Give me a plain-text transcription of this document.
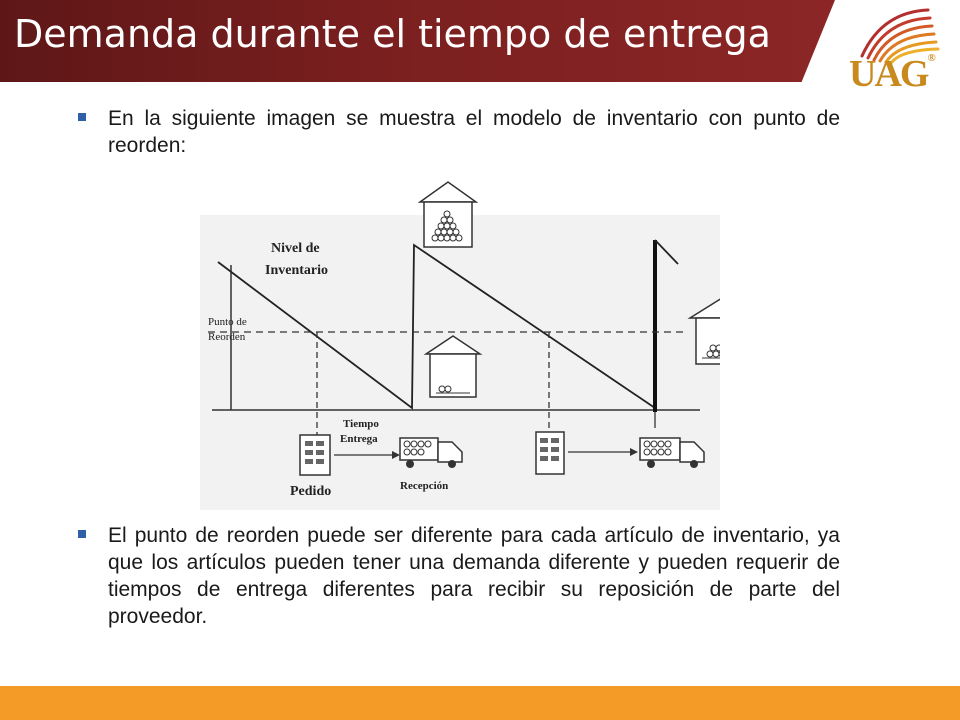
Demanda durante el tiempo de entrega
UAG®
En la siguiente imagen se muestra el modelo de inventario con punto de reorden:
Nivel de
Inventario
Punto de
Reorden
Tiempo
Entrega
Pedido	Recepción
El punto de reorden puede ser diferente para cada artículo de inventario, ya que los artículos pueden tener una demanda diferente y pueden requerir de tiempos de entrega diferentes para recibir su reposición de parte del proveedor.
